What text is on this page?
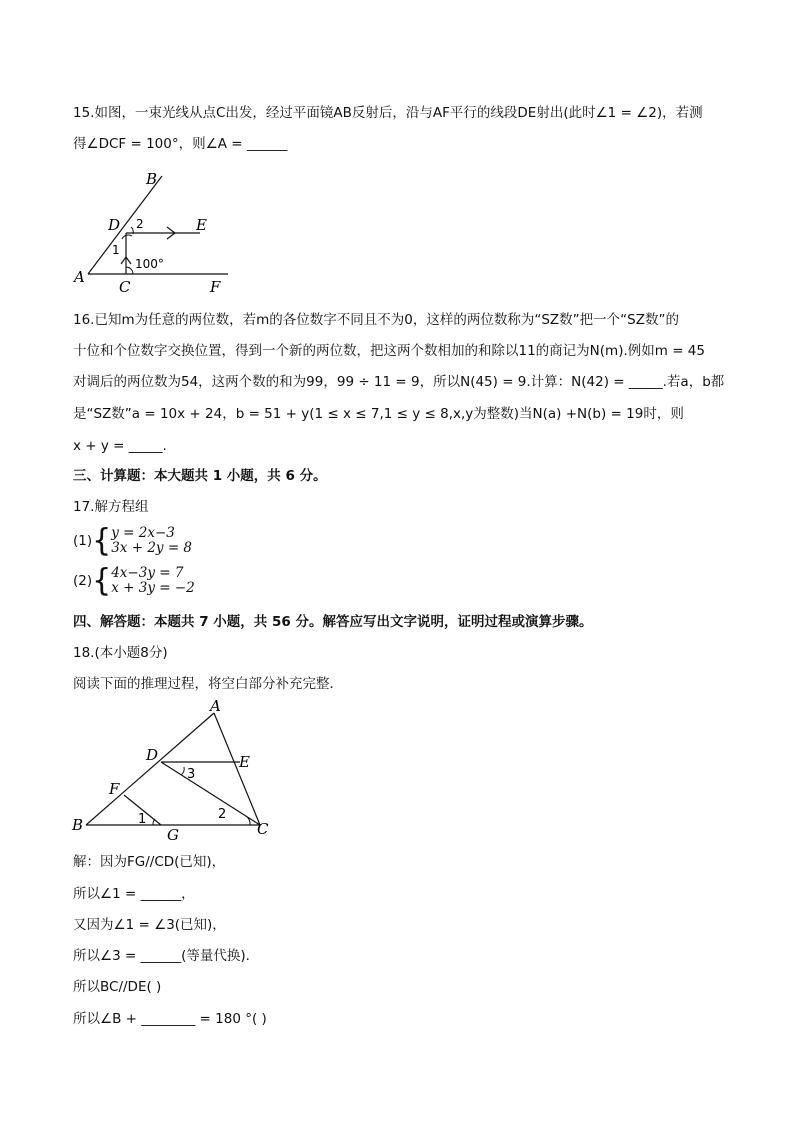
15.如图，一束光线从点C出发，经过平面镜AB反射后，沿与AF平行的线段DE射出(此时∠1 = ∠2)，若测
得∠DCF = 100°，则∠A = ______
B
D 2	E
1
100°
A
C	F
16.已知m为任意的两位数，若m的各位数字不同且不为0，这样的两位数称为“SZ数”把一个“SZ数”的
十位和个位数字交换位置，得到一个新的两位数，把这两个数相加的和除以11的商记为N(m).例如m = 45
对调后的两位数为54，这两个数的和为99，99 ÷ 11 = 9，所以N(45) = 9.计算：N(42) = _____.若a，b都
是“SZ数”a = 10x + 24，b = 51 + y(1 ≤ x ≤ 7,1 ≤ y ≤ 8,x,y为整数)当N(a) +N(b) = 19时，则
x + y = _____.
三、计算题：本大题共 1 小题，共 6 分。
17.解方程组
(1){ y = 2x−3
3x + 2y = 8
(2){ 4x−3y = 7
x + 3y = −2
四、解答题：本题共 7 小题，共 56 分。解答应写出文字说明，证明过程或演算步骤。
18.(本小题8分)
阅读下面的推理过程，将空白部分补充完整．
A
D	E
3
F
2
1
B
G	C
解：因为FG//CD(已知)，
所以∠1 = ______，
又因为∠1 = ∠3(已知)，
所以∠3 = ______(等量代换)．
所以BC//DE( )
所以∠B + ________ = 180 °( )
